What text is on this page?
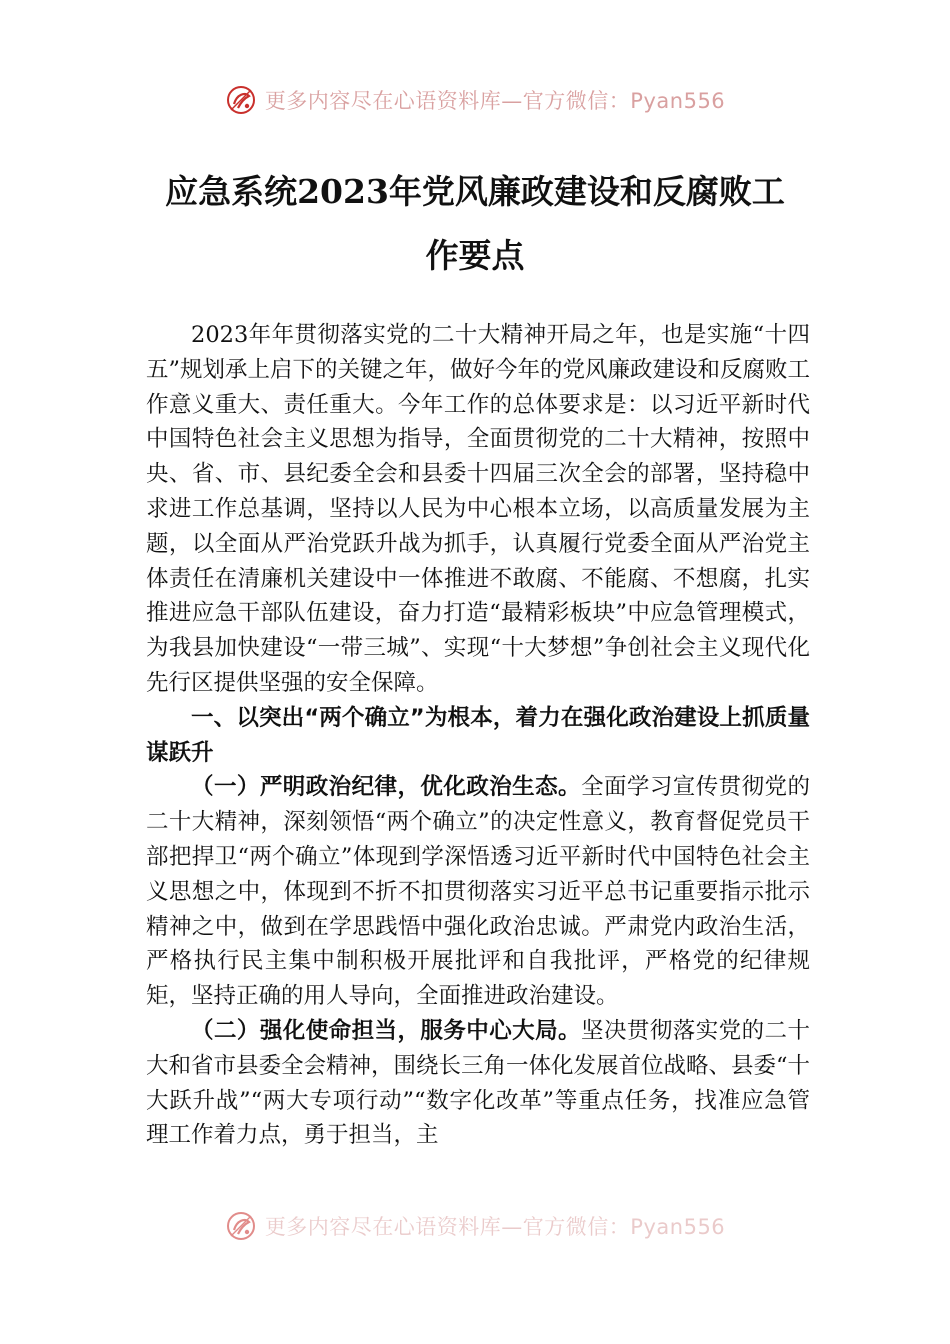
更多内容尽在心语资料库—官方微信：Pyan556
应急系统2023年党风廉政建设和反腐败工
作要点

2023年年贯彻落实党的二十大精神开局之年，也是实施“十四五”规划承上启下的关键之年，做好今年的党风廉政建设和反腐败工作意义重大、责任重大。今年工作的总体要求是：以习近平新时代中国特色社会主义思想为指导，全面贯彻党的二十大精神，按照中央、省、市、县纪委全会和县委十四届三次全会的部署，坚持稳中求进工作总基调，坚持以人民为中心根本立场，以高质量发展为主题，以全面从严治党跃升战为抓手，认真履行党委全面从严治党主体责任在清廉机关建设中一体推进不敢腐、不能腐、不想腐，扎实推进应急干部队伍建设，奋力打造“最精彩板块”中应急管理模式，为我县加快建设“一带三城”、实现“十大梦想”争创社会主义现代化先行区提供坚强的安全保障。

一、以突出“两个确立”为根本，着力在强化政治建设上抓质量谋跃升

（一）严明政治纪律，优化政治生态。全面学习宣传贯彻党的二十大精神，深刻领悟“两个确立”的决定性意义，教育督促党员干部把捍卫“两个确立”体现到学深悟透习近平新时代中国特色社会主义思想之中，体现到不折不扣贯彻落实习近平总书记重要指示批示精神之中，做到在学思践悟中强化政治忠诚。严肃党内政治生活，严格执行民主集中制积极开展批评和自我批评，严格党的纪律规矩，坚持正确的用人导向，全面推进政治建设。

（二）强化使命担当，服务中心大局。坚决贯彻落实党的二十大和省市县委全会精神，围绕长三角一体化发展首位战略、县委“十大跃升战”“两大专项行动”“数字化改革”等重点任务，找准应急管理工作着力点，勇于担当，主

更多内容尽在心语资料库—官方微信：Pyan556
